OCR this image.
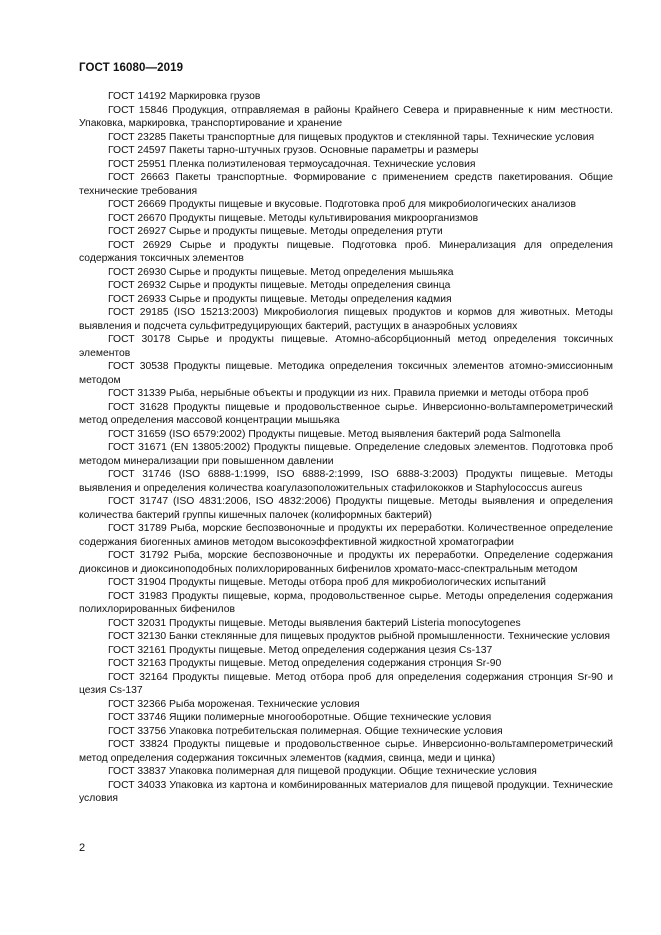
ГОСТ 16080—2019

ГОСТ 14192 Маркировка грузов

ГОСТ 15846 Продукция, отправляемая в районы Крайнего Севера и приравненные к ним местности. Упаковка, маркировка, транспортирование и хранение

ГОСТ 23285 Пакеты транспортные для пищевых продуктов и стеклянной тары. Технические условия

ГОСТ 24597 Пакеты тарно-штучных грузов. Основные параметры и размеры

ГОСТ 25951 Пленка полиэтиленовая термоусадочная. Технические условия

ГОСТ 26663 Пакеты транспортные. Формирование с применением средств пакетирования. Общие технические требования

ГОСТ 26669 Продукты пищевые и вкусовые. Подготовка проб для микробиологических анализов

ГОСТ 26670 Продукты пищевые. Методы культивирования микроорганизмов

ГОСТ 26927 Сырье и продукты пищевые. Методы определения ртути

ГОСТ 26929 Сырье и продукты пищевые. Подготовка проб. Минерализация для определения содержания токсичных элементов

ГОСТ 26930 Сырье и продукты пищевые. Метод определения мышьяка

ГОСТ 26932 Сырье и продукты пищевые. Методы определения свинца

ГОСТ 26933 Сырье и продукты пищевые. Методы определения кадмия

ГОСТ 29185 (ISO 15213:2003) Микробиология пищевых продуктов и кормов для животных. Методы выявления и подсчета сульфитредуцирующих бактерий, растущих в анаэробных условиях

ГОСТ 30178 Сырье и продукты пищевые. Атомно-абсорбционный метод определения токсичных элементов

ГОСТ 30538 Продукты пищевые. Методика определения токсичных элементов атомно-эмиссионным методом

ГОСТ 31339 Рыба, нерыбные объекты и продукции из них. Правила приемки и методы отбора проб

ГОСТ 31628 Продукты пищевые и продовольственное сырье. Инверсионно-вольтамперометрический метод определения массовой концентрации мышьяка

ГОСТ 31659 (ISO 6579:2002) Продукты пищевые. Метод выявления бактерий рода Salmonella

ГОСТ 31671 (EN 13805:2002) Продукты пищевые. Определение следовых элементов. Подготовка проб методом минерализации при повышенном давлении

ГОСТ 31746 (ISO 6888-1:1999, ISO 6888-2:1999, ISO 6888-3:2003) Продукты пищевые. Методы выявления и определения количества коагулазоположительных стафилококков и Staphylococcus aureus

ГОСТ 31747 (ISO 4831:2006, ISO 4832:2006) Продукты пищевые. Методы выявления и определения количества бактерий группы кишечных палочек (колиформных бактерий)

ГОСТ 31789 Рыба, морские беспозвоночные и продукты их переработки. Количественное определение содержания биогенных аминов методом высокоэффективной жидкостной хроматографии

ГОСТ 31792 Рыба, морские беспозвоночные и продукты их переработки. Определение содержания диоксинов и диоксиноподобных полихлорированных бифенилов хромато-масс-спектральным методом

ГОСТ 31904 Продукты пищевые. Методы отбора проб для микробиологических испытаний

ГОСТ 31983 Продукты пищевые, корма, продовольственное сырье. Методы определения содержания полихлорированных бифенилов

ГОСТ 32031 Продукты пищевые. Методы выявления бактерий Listeria monocytogenes

ГОСТ 32130 Банки стеклянные для пищевых продуктов рыбной промышленности. Технические условия

ГОСТ 32161 Продукты пищевые. Метод определения содержания цезия Cs-137

ГОСТ 32163 Продукты пищевые. Метод определения содержания стронция Sr-90

ГОСТ 32164 Продукты пищевые. Метод отбора проб для определения содержания стронция Sr-90 и цезия Cs-137

ГОСТ 32366 Рыба мороженая. Технические условия

ГОСТ 33746 Ящики полимерные многооборотные. Общие технические условия

ГОСТ 33756 Упаковка потребительская полимерная. Общие технические условия

ГОСТ 33824 Продукты пищевые и продовольственное сырье. Инверсионно-вольтамперометрический метод определения содержания токсичных элементов (кадмия, свинца, меди и цинка)

ГОСТ 33837 Упаковка полимерная для пищевой продукции. Общие технические условия

ГОСТ 34033 Упаковка из картона и комбинированных материалов для пищевой продукции. Технические условия

2
